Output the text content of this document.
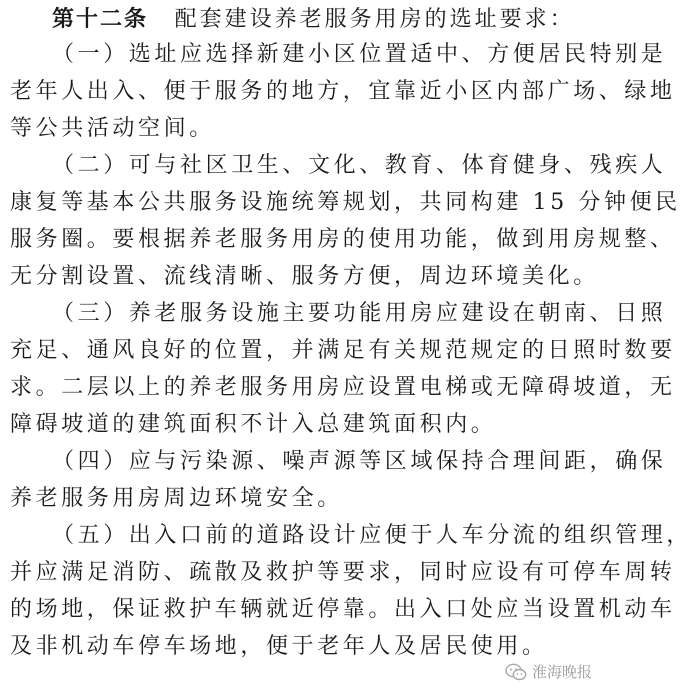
第十二条 配套建设养老服务用房的选址要求：
（一）选址应选择新建小区位置适中、方便居民特别是
老年人出入、便于服务的地方，宜靠近小区内部广场、绿地
等公共活动空间。
（二）可与社区卫生、文化、教育、体育健身、残疾人
康复等基本公共服务设施统筹规划，共同构建 15 分钟便民
服务圈。要根据养老服务用房的使用功能，做到用房规整、
无分割设置、流线清晰、服务方便，周边环境美化。
（三）养老服务设施主要功能用房应建设在朝南、日照
充足、通风良好的位置，并满足有关规范规定的日照时数要
求。二层以上的养老服务用房应设置电梯或无障碍坡道，无
障碍坡道的建筑面积不计入总建筑面积内。
（四）应与污染源、噪声源等区域保持合理间距，确保
养老服务用房周边环境安全。
（五）出入口前的道路设计应便于人车分流的组织管理，
并应满足消防、疏散及救护等要求，同时应设有可停车周转
的场地，保证救护车辆就近停靠。出入口处应当设置机动车
及非机动车停车场地，便于老年人及居民使用。
淮海晚报
